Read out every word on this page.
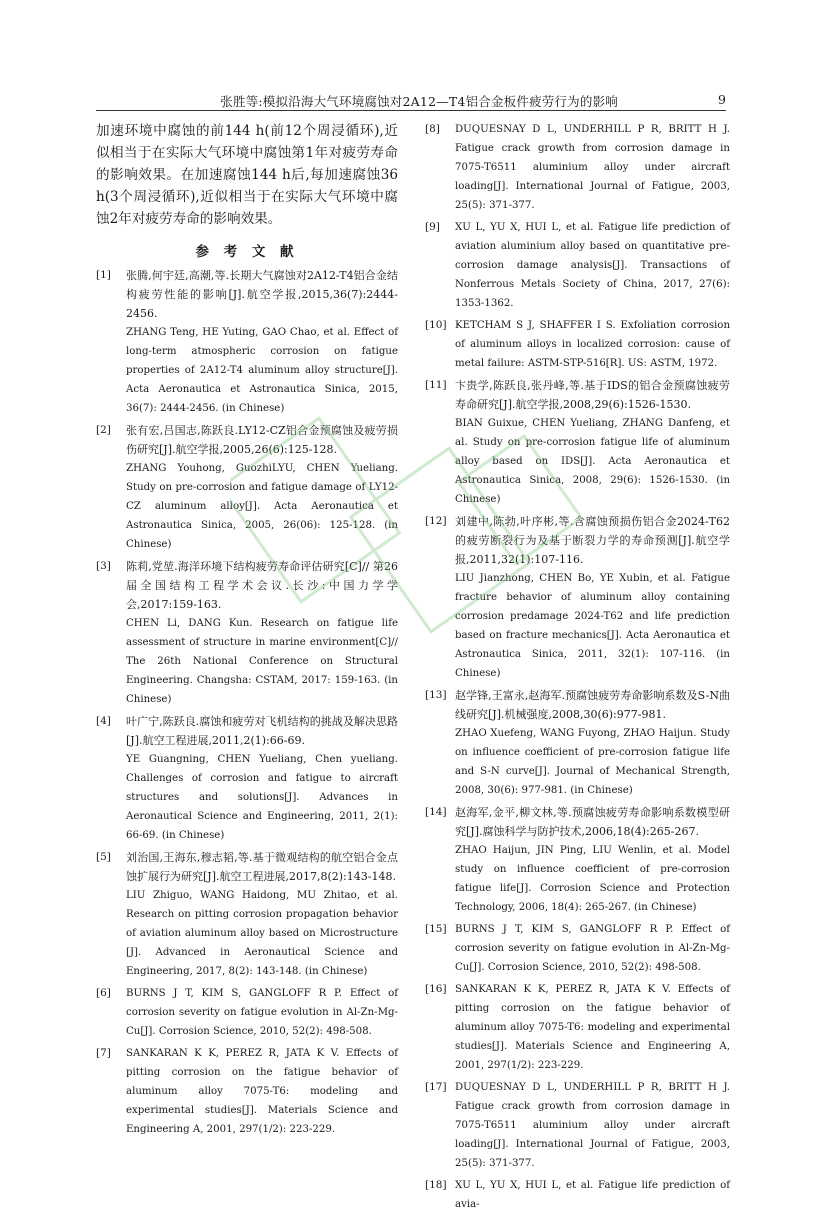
张胜等:模拟沿海大气环境腐蚀对2A12—T4铝合金板件疲劳行为的影响	9

加速环境中腐蚀的前144 h(前12个周浸循环),近似相当于在实际大气环境中腐蚀第1年对疲劳寿命的影响效果。在加速腐蚀144 h后,每加速腐蚀36 h(3个周浸循环),近似相当于在实际大气环境中腐蚀2年对疲劳寿命的影响效果。

参 考 文 献
[1]	张腾,何宇廷,高潮,等.长期大气腐蚀对2A12-T4铝合金结构疲劳性能的影响[J].航空学报,2015,36(7):2444-2456.
ZHANG Teng, HE Yuting, GAO Chao, et al. Effect of long-term atmospheric corrosion on fatigue properties of 2A12-T4 aluminum alloy structure[J]. Acta Aeronautica et Astronautica Sinica, 2015, 36(7): 2444-2456. (in Chinese)
[2]	张有宏,吕国志,陈跃良.LY12-CZ铝合金预腐蚀及疲劳损伤研究[J].航空学报,2005,26(6):125-128.
ZHANG Youhong, GuozhiLYU, CHEN Yueliang. Study on pre-corrosion and fatigue damage of LY12-CZ aluminum alloy[J]. Acta Aeronautica et Astronautica Sinica, 2005, 26(06): 125-128. (in Chinese)
[3]	陈莉,党堃.海洋环境下结构疲劳寿命评估研究[C]// 第26届全国结构工程学术会议.长沙:中国力学学会,2017:159-163.
CHEN Li, DANG Kun. Research on fatigue life assessment of structure in marine environment[C]// The 26th National Conference on Structural Engineering. Changsha: CSTAM, 2017: 159-163. (in Chinese)
[4]	叶广宁,陈跃良.腐蚀和疲劳对飞机结构的挑战及解决思路[J].航空工程进展,2011,2(1):66-69.
YE Guangning, CHEN Yueliang, Chen yueliang. Challenges of corrosion and fatigue to aircraft structures and solutions[J]. Advances in Aeronautical Science and Engineering, 2011, 2(1): 66-69. (in Chinese)
[5]	刘治国,王海东,穆志韬,等.基于微观结构的航空铝合金点蚀扩展行为研究[J].航空工程进展,2017,8(2):143-148.
LIU Zhiguo, WANG Haidong, MU Zhitao, et al. Research on pitting corrosion propagation behavior of aviation aluminum alloy based on Microstructure [J]. Advanced in Aeronautical Science and Engineering, 2017, 8(2): 143-148. (in Chinese)
[6]	BURNS J T, KIM S, GANGLOFF R P. Effect of corrosion severity on fatigue evolution in Al-Zn-Mg-Cu[J]. Corrosion Science, 2010, 52(2): 498-508.
[7]	SANKARAN K K, PEREZ R, JATA K V. Effects of pitting corrosion on the fatigue behavior of aluminum alloy 7075-T6: modeling and experimental studies[J]. Materials Science and Engineering A, 2001, 297(1/2): 223-229.
[8]	DUQUESNAY D L, UNDERHILL P R, BRITT H J. Fatigue crack growth from corrosion damage in 7075-T6511 aluminium alloy under aircraft loading[J]. International Journal of Fatigue, 2003, 25(5): 371-377.
[9]	XU L, YU X, HUI L, et al. Fatigue life prediction of aviation aluminium alloy based on quantitative pre-corrosion damage analysis[J]. Transactions of Nonferrous Metals Society of China, 2017, 27(6): 1353-1362.
[10] KETCHAM S J, SHAFFER I S. Exfoliation corrosion of aluminum alloys in localized corrosion: cause of metal failure: ASTM-STP-516[R]. US: ASTM, 1972.
[11] 卞贵学,陈跃良,张丹峰,等.基于IDS的铝合金预腐蚀疲劳寿命研究[J].航空学报,2008,29(6):1526-1530.
BIAN Guixue, CHEN Yueliang, ZHANG Danfeng, et al. Study on pre-corrosion fatigue life of aluminum alloy based on IDS[J]. Acta Aeronautica et Astronautica Sinica, 2008, 29(6): 1526-1530. (in Chinese)
[12] 刘建中,陈勃,叶序彬,等.含腐蚀预损伤铝合金2024-T62的疲劳断裂行为及基于断裂力学的寿命预测[J].航空学报,2011,32(1):107-116.
LIU Jianzhong, CHEN Bo, YE Xubin, et al. Fatigue fracture behavior of aluminum alloy containing corrosion predamage 2024-T62 and life prediction based on fracture mechanics[J]. Acta Aeronautica et Astronautica Sinica, 2011, 32(1): 107-116. (in Chinese)
[13] 赵学锋,王富永,赵海军.预腐蚀疲劳寿命影响系数及S-N曲线研究[J].机械强度,2008,30(6):977-981.
ZHAO Xuefeng, WANG Fuyong, ZHAO Haijun. Study on influence coefficient of pre-corrosion fatigue life and S-N curve[J]. Journal of Mechanical Strength, 2008, 30(6): 977-981. (in Chinese)
[14] 赵海军,金平,柳文林,等.预腐蚀疲劳寿命影响系数模型研究[J].腐蚀科学与防护技术,2006,18(4):265-267.
ZHAO Haijun, JIN Ping, LIU Wenlin, et al. Model study on influence coefficient of pre-corrosion fatigue life[J]. Corrosion Science and Protection Technology, 2006, 18(4): 265-267. (in Chinese)
[15] BURNS J T, KIM S, GANGLOFF R P. Effect of corrosion severity on fatigue evolution in Al-Zn-Mg-Cu[J]. Corrosion Science, 2010, 52(2): 498-508.
[16] SANKARAN K K, PEREZ R, JATA K V. Effects of pitting corrosion on the fatigue behavior of aluminum alloy 7075-T6: modeling and experimental studies[J]. Materials Science and Engineering A, 2001, 297(1/2): 223-229.
[17] DUQUESNAY D L, UNDERHILL P R, BRITT H J. Fatigue crack growth from corrosion damage in 7075-T6511 aluminium alloy under aircraft loading[J]. International Journal of Fatigue, 2003, 25(5): 371-377.
[18] XU L, YU X, HUI L, et al. Fatigue life prediction of avia-
